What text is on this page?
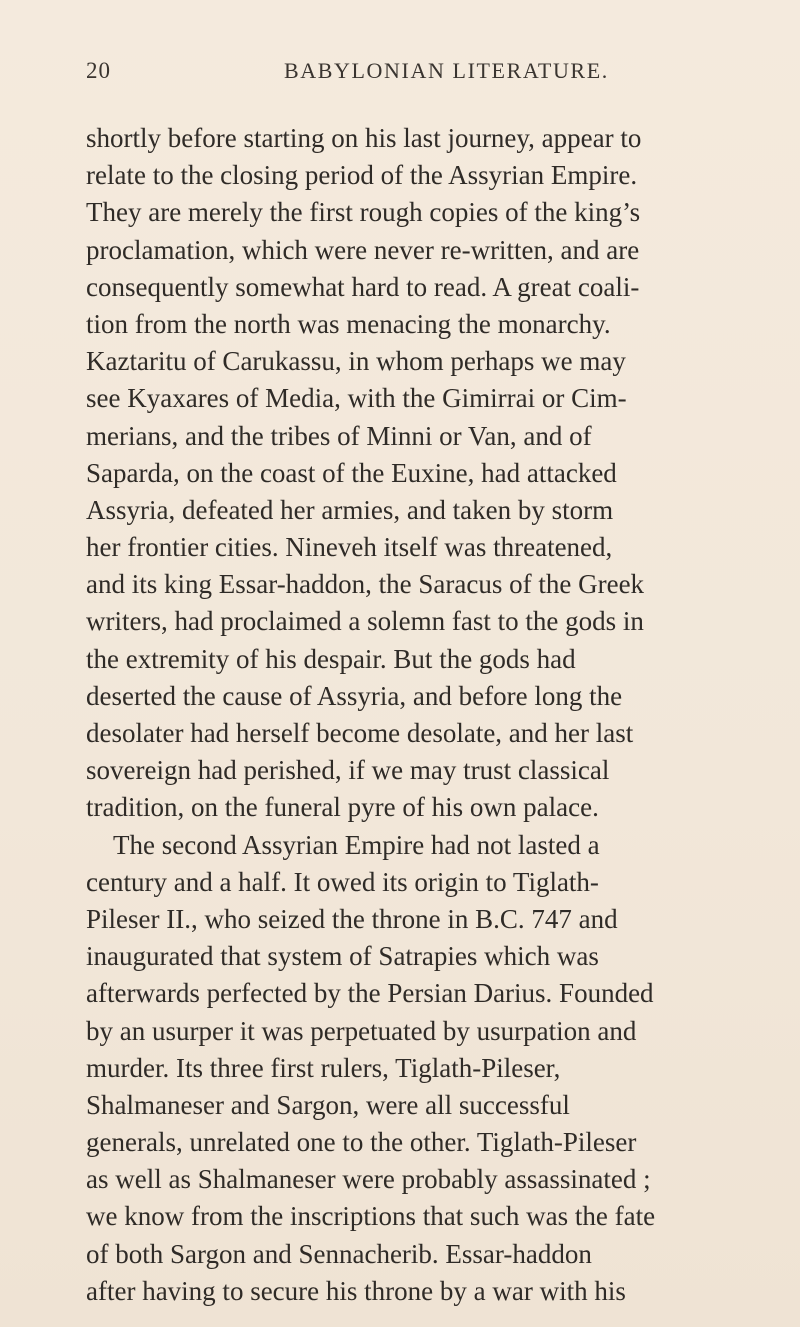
20	BABYLONIAN LITERATURE.
shortly before starting on his last journey, appear to
relate to the closing period of the Assyrian Empire.
They are merely the first rough copies of the king’s
proclamation, which were never re-written, and are
consequently somewhat hard to read. A great coali-
tion from the north was menacing the monarchy.
Kaztaritu of Carukassu, in whom perhaps we may
see Kyaxares of Media, with the Gimirrai or Cim-
merians, and the tribes of Minni or Van, and of
Saparda, on the coast of the Euxine, had attacked
Assyria, defeated her armies, and taken by storm
her frontier cities. Nineveh itself was threatened,
and its king Essar-haddon, the Saracus of the Greek
writers, had proclaimed a solemn fast to the gods in
the extremity of his despair. But the gods had
deserted the cause of Assyria, and before long the
desolater had herself become desolate, and her last
sovereign had perished, if we may trust classical
tradition, on the funeral pyre of his own palace.
The second Assyrian Empire had not lasted a
century and a half. It owed its origin to Tiglath-
Pileser II., who seized the throne in B.C. 747 and
inaugurated that system of Satrapies which was
afterwards perfected by the Persian Darius. Founded
by an usurper it was perpetuated by usurpation and
murder. Its three first rulers, Tiglath-Pileser,
Shalmaneser and Sargon, were all successful
generals, unrelated one to the other. Tiglath-Pileser
as well as Shalmaneser were probably assassinated ;
we know from the inscriptions that such was the fate
of both Sargon and Sennacherib. Essar-haddon
after having to secure his throne by a war with his
